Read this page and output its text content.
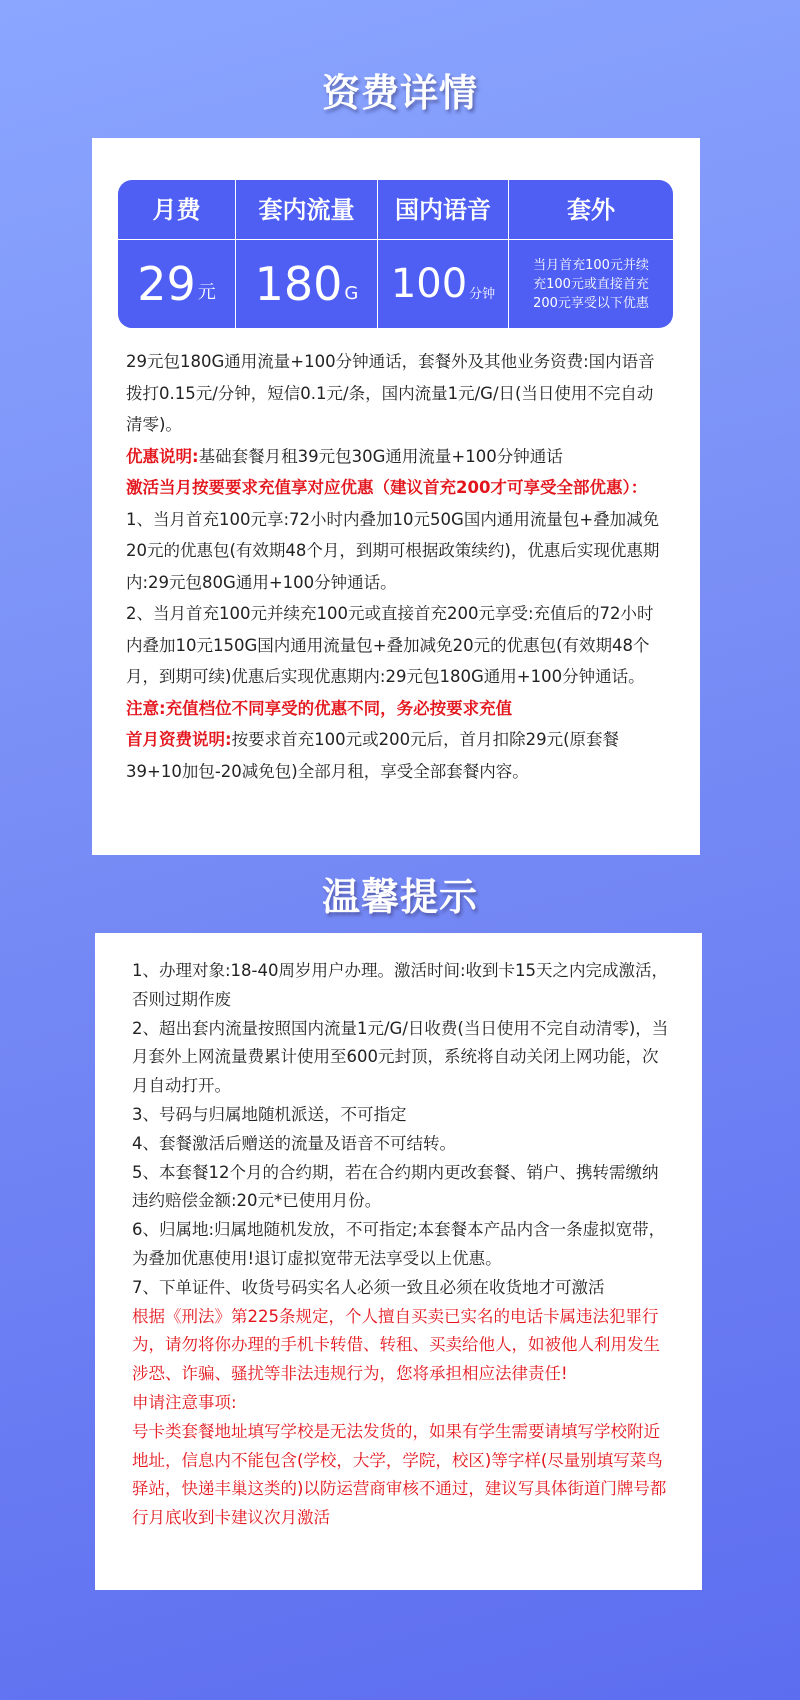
资费详情
月费
29 元
套内流量
180 G
国内语音
100 分钟
套外
当月首充100元并续
充100元或直接首充
200元享受以下优惠

29元包180G通用流量+100分钟通话，套餐外及其他业务资费:国内语音拨打0.15元/分钟，短信0.1元/条，国内流量1元/G/日(当日使用不完自动清零)。

优惠说明:基础套餐月租39元包30G通用流量+100分钟通话

激活当月按要要求充值享对应优惠（建议首充200才可享受全部优惠）：

1、当月首充100元享:72小时内叠加10元50G国内通用流量包+叠加减免20元的优惠包(有效期48个月，到期可根据政策续约)，优惠后实现优惠期内:29元包80G通用+100分钟通话。

2、当月首充100元并续充100元或直接首充200元享受:充值后的72小时内叠加10元150G国内通用流量包+叠加减免20元的优惠包(有效期48个月，到期可续)优惠后实现优惠期内:29元包180G通用+100分钟通话。

注意:充值档位不同享受的优惠不同，务必按要求充值

首月资费说明:按要求首充100元或200元后，首月扣除29元(原套餐39+10加包-20减免包)全部月租，享受全部套餐内容。

温馨提示

1、办理对象:18-40周岁用户办理。激活时间:收到卡15天之内完成激活，否则过期作废

2、超出套内流量按照国内流量1元/G/日收费(当日使用不完自动清零)，当月套外上网流量费累计使用至600元封顶，系统将自动关闭上网功能，次月自动打开。

3、号码与归属地随机派送，不可指定

4、套餐激活后赠送的流量及语音不可结转。

5、本套餐12个月的合约期，若在合约期内更改套餐、销户、携转需缴纳违约赔偿金额:20元*已使用月份。

6、归属地:归属地随机发放，不可指定;本套餐本产品内含一条虚拟宽带，为叠加优惠使用!退订虚拟宽带无法享受以上优惠。

7、下单证件、收货号码实名人必须一致且必须在收货地才可激活

根据《刑法》第225条规定，个人擅自买卖已实名的电话卡属违法犯罪行为，请勿将你办理的手机卡转借、转租、买卖给他人，如被他人利用发生涉恐、诈骗、骚扰等非法违规行为，您将承担相应法律责任!

申请注意事项:

号卡类套餐地址填写学校是无法发货的，如果有学生需要请填写学校附近地址，信息内不能包含(学校，大学，学院，校区)等字样(尽量别填写菜鸟驿站，快递丰巢这类的)以防运营商审核不通过，建议写具体街道门牌号都行月底收到卡建议次月激活
